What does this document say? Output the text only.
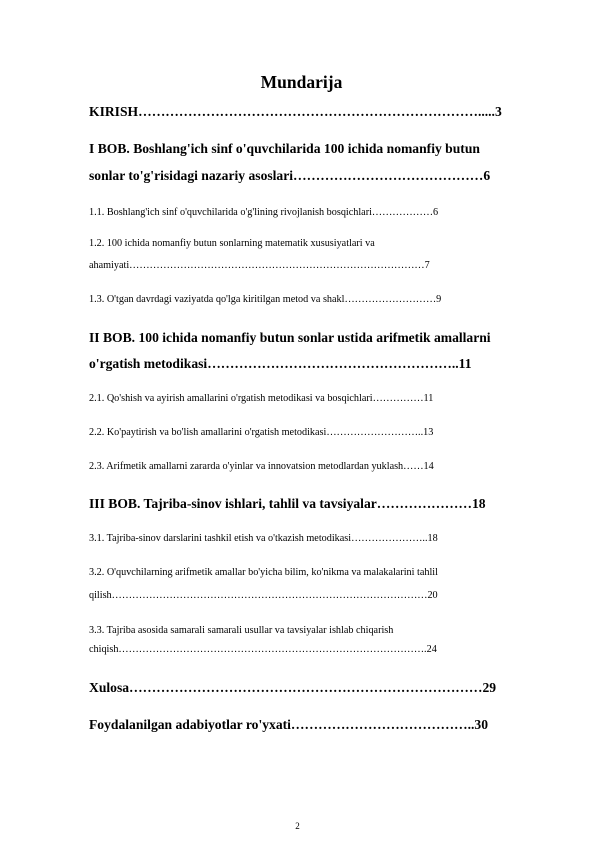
Mundarija
KIRISH………………………………………………………………….....3
I BOB. Boshlang'ich sinf o'quvchilarida 100 ichida nomanfiy butun
sonlar to'g'risidagi nazariy asoslari……………………………………6
1.1. Boshlang'ich sinf o'quvchilarida o'g'lining rivojlanish bosqichlari………………6
1.2. 100 ichida nomanfiy butun sonlarning matematik xususiyatlari va
ahamiyati……………………………………………………………………………7
1.3. O'tgan davrdagi vaziyatda qo'lga kiritilgan metod va shakl………………………9
II BOB. 100 ichida nomanfiy butun sonlar ustida arifmetik amallarni
o'rgatish metodikasi………………………………………………..11
2.1. Qo'shish va ayirish amallarini o'rgatish metodikasi va bosqichlari……………11
2.2. Ko'paytirish va bo'lish amallarini o'rgatish metodikasi………………………..13
2.3. Arifmetik amallarni zararda o'yinlar va innovatsion metodlardan yuklash……14
III BOB. Tajriba-sinov ishlari, tahlil va tavsiyalar…………………18
3.1. Tajriba-sinov darslarini tashkil etish va o'tkazish metodikasi…………………..18
3.2. O'quvchilarning arifmetik amallar bo'yicha bilim, ko'nikma va malakalarini tahlil
qilish…………………………………………………………………………………20
3.3. Tajriba asosida samarali samarali usullar va tavsiyalar ishlab chiqarish
chiqish……………………………………………………………………………….24
Xulosa……………………………………………………………………29
Foydalanilgan adabiyotlar ro'yxati…………………………………..30
2
